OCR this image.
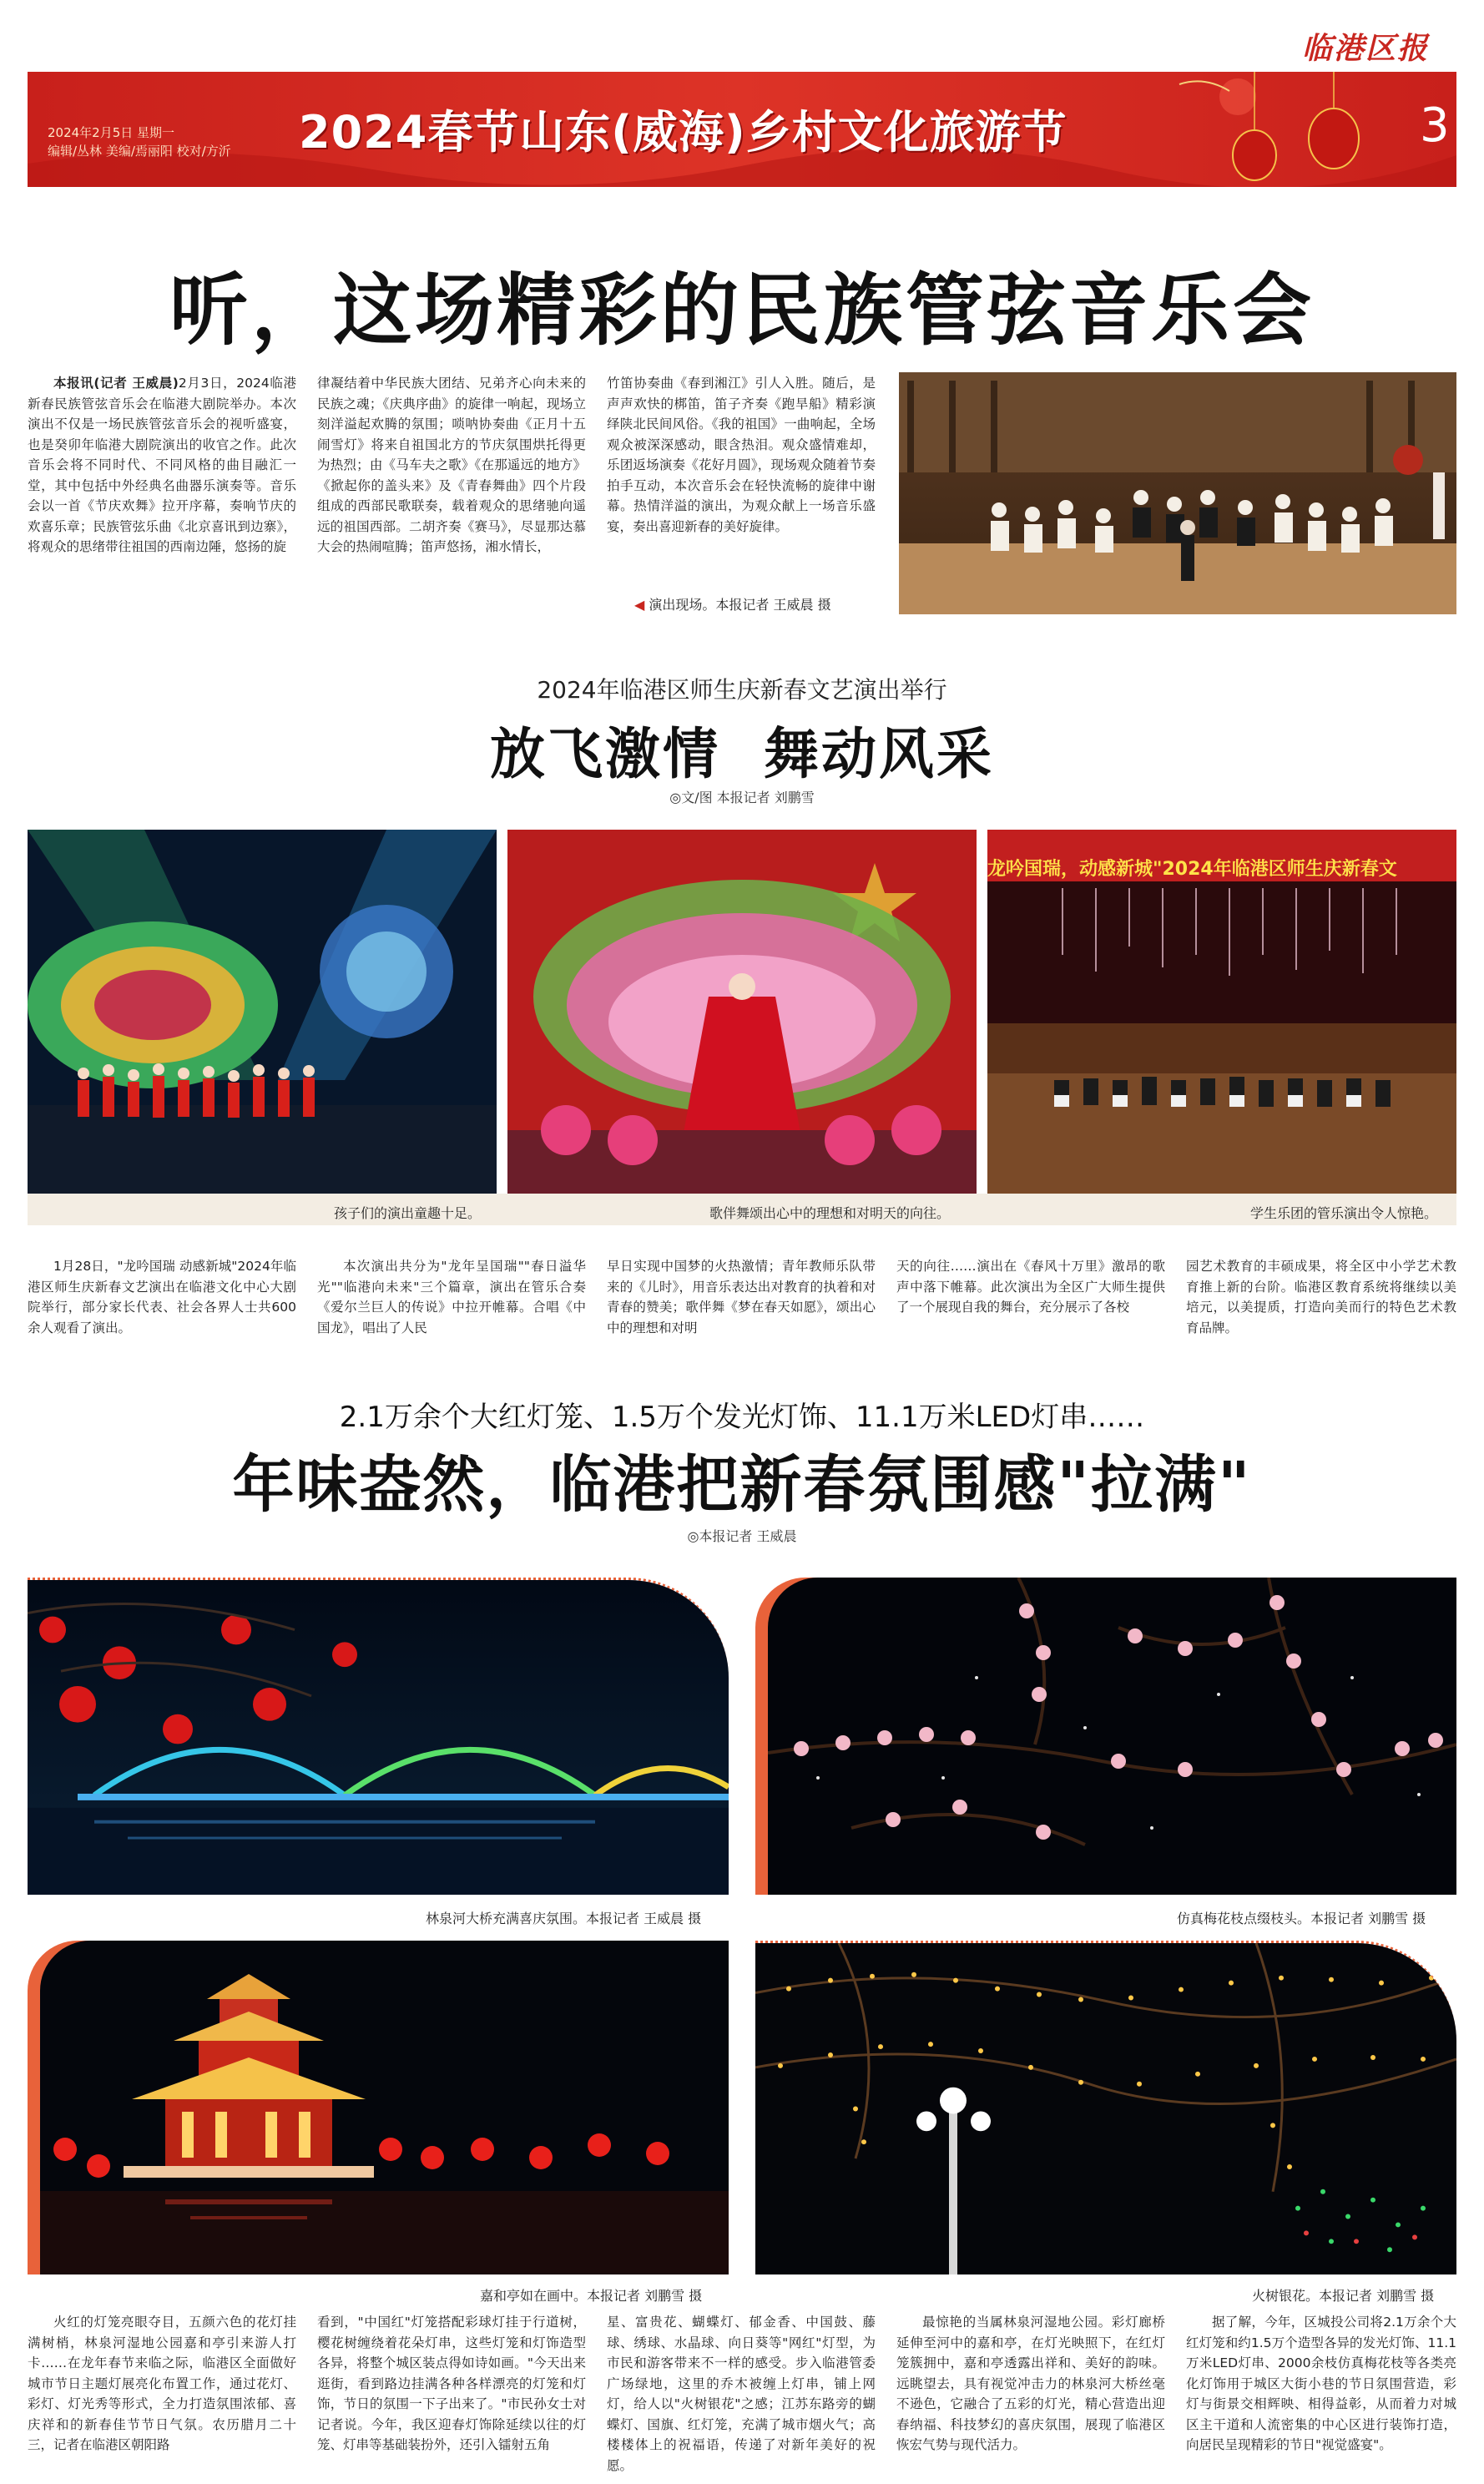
临港区报
2024年2月5日 星期一
编辑/丛林 美编/焉丽阳 校对/方沂 2024春节山东(威海)乡村文化旅游节	3
听，这场精彩的民族管弦音乐会

本报讯(记者 王威晨)2月3日，2024临港新春民族管弦音乐会在临港大剧院举办。本次演出不仅是一场民族管弦音乐会的视听盛宴，也是癸卯年临港大剧院演出的收官之作。此次音乐会将不同时代、不同风格的曲目融汇一堂，其中包括中外经典名曲器乐演奏等。音乐会以一首《节庆欢舞》拉开序幕，奏响节庆的欢喜乐章；民族管弦乐曲《北京喜讯到边寨》，将观众的思绪带往祖国的西南边陲，悠扬的旋

律凝结着中华民族大团结、兄弟齐心向未来的民族之魂；《庆典序曲》的旋律一响起，现场立刻洋溢起欢腾的氛围；唢呐协奏曲《正月十五闹雪灯》将来自祖国北方的节庆氛围烘托得更为热烈；由《马车夫之歌》《在那遥远的地方》《掀起你的盖头来》及《青春舞曲》四个片段组成的西部民歌联奏，载着观众的思绪驰向遥远的祖国西部。二胡齐奏《赛马》，尽显那达慕大会的热闹喧腾；笛声悠扬，湘水情长，

竹笛协奏曲《春到湘江》引人入胜。随后，是声声欢快的梆笛，笛子齐奏《跑旱船》精彩演绎陕北民间风俗。《我的祖国》一曲响起，全场观众被深深感动，眼含热泪。观众盛情难却，乐团返场演奏《花好月圆》，现场观众随着节奏拍手互动，本次音乐会在轻快流畅的旋律中谢幕。热情洋溢的演出，为观众献上一场音乐盛宴，奏出喜迎新春的美好旋律。

◀ 演出现场。本报记者 王威晨 摄
2024年临港区师生庆新春文艺演出举行
放飞激情  舞动风采
◎文/图 本报记者 刘鹏雪
龙吟国瑞，动感新城"2024年临港区师生庆新春文
孩子们的演出童趣十足。	歌伴舞颂出心中的理想和对明天的向往。	学生乐团的管乐演出令人惊艳。

1月28日，"龙吟国瑞 动感新城"2024年临港区师生庆新春文艺演出在临港文化中心大剧院举行，部分家长代表、社会各界人士共600余人观看了演出。

本次演出共分为"龙年呈国瑞""春日溢华光""临港向未来"三个篇章，演出在管乐合奏《爱尔兰巨人的传说》中拉开帷幕。合唱《中国龙》，唱出了人民

早日实现中国梦的火热激情；青年教师乐队带来的《儿时》，用音乐表达出对教育的执着和对青春的赞美；歌伴舞《梦在春天如愿》，颂出心中的理想和对明

天的向往……演出在《春风十万里》激昂的歌声中落下帷幕。此次演出为全区广大师生提供了一个展现自我的舞台，充分展示了各校

园艺术教育的丰硕成果，将全区中小学艺术教育推上新的台阶。临港区教育系统将继续以美培元，以美提质，打造向美而行的特色艺术教育品牌。

2.1万余个大红灯笼、1.5万个发光灯饰、11.1万米LED灯串……
年味盎然，临港把新春氛围感"拉满"
◎本报记者 王威晨
林泉河大桥充满喜庆氛围。本报记者 王威晨 摄	仿真梅花枝点缀枝头。本报记者 刘鹏雪 摄
嘉和亭如在画中。本报记者 刘鹏雪 摄	火树银花。本报记者 刘鹏雪 摄

火红的灯笼亮眼夺目，五颜六色的花灯挂满树梢，林泉河湿地公园嘉和亭引来游人打卡……在龙年春节来临之际，临港区全面做好城市节日主题灯展亮化布置工作，通过花灯、彩灯、灯光秀等形式，全力打造氛围浓郁、喜庆祥和的新春佳节节日气氛。农历腊月二十三，记者在临港区朝阳路

看到，"中国红"灯笼搭配彩球灯挂于行道树，樱花树缠绕着花朵灯串，这些灯笼和灯饰造型各异，将整个城区装点得如诗如画。"今天出来逛街，看到路边挂满各种各样漂亮的灯笼和灯饰，节日的氛围一下子出来了。"市民孙女士对记者说。今年，我区迎春灯饰除延续以往的灯笼、灯串等基础装扮外，还引入镭射五角

星、富贵花、蝴蝶灯、郁金香、中国鼓、藤球、绣球、水晶球、向日葵等"网红"灯型，为市民和游客带来不一样的感受。步入临港管委广场绿地，这里的乔木被缠上灯串，铺上网灯，给人以"火树银花"之感；江苏东路旁的蝴蝶灯、国旗、红灯笼，充满了城市烟火气；高楼楼体上的祝福语，传递了对新年美好的祝愿。

最惊艳的当属林泉河湿地公园。彩灯廊桥延伸至河中的嘉和亭，在灯光映照下，在红灯笼簇拥中，嘉和亭透露出祥和、美好的韵味。远眺望去，具有视觉冲击力的林泉河大桥丝毫不逊色，它融合了五彩的灯光，精心营造出迎春纳福、科技梦幻的喜庆氛围，展现了临港区恢宏气势与现代活力。

据了解，今年，区城投公司将2.1万余个大红灯笼和约1.5万个造型各异的发光灯饰、11.1万米LED灯串、2000余枝仿真梅花枝等各类亮化灯饰用于城区大街小巷的节日氛围营造，彩灯与街景交相辉映、相得益彰，从而着力对城区主干道和人流密集的中心区进行装饰打造，向居民呈现精彩的节日"视觉盛宴"。
